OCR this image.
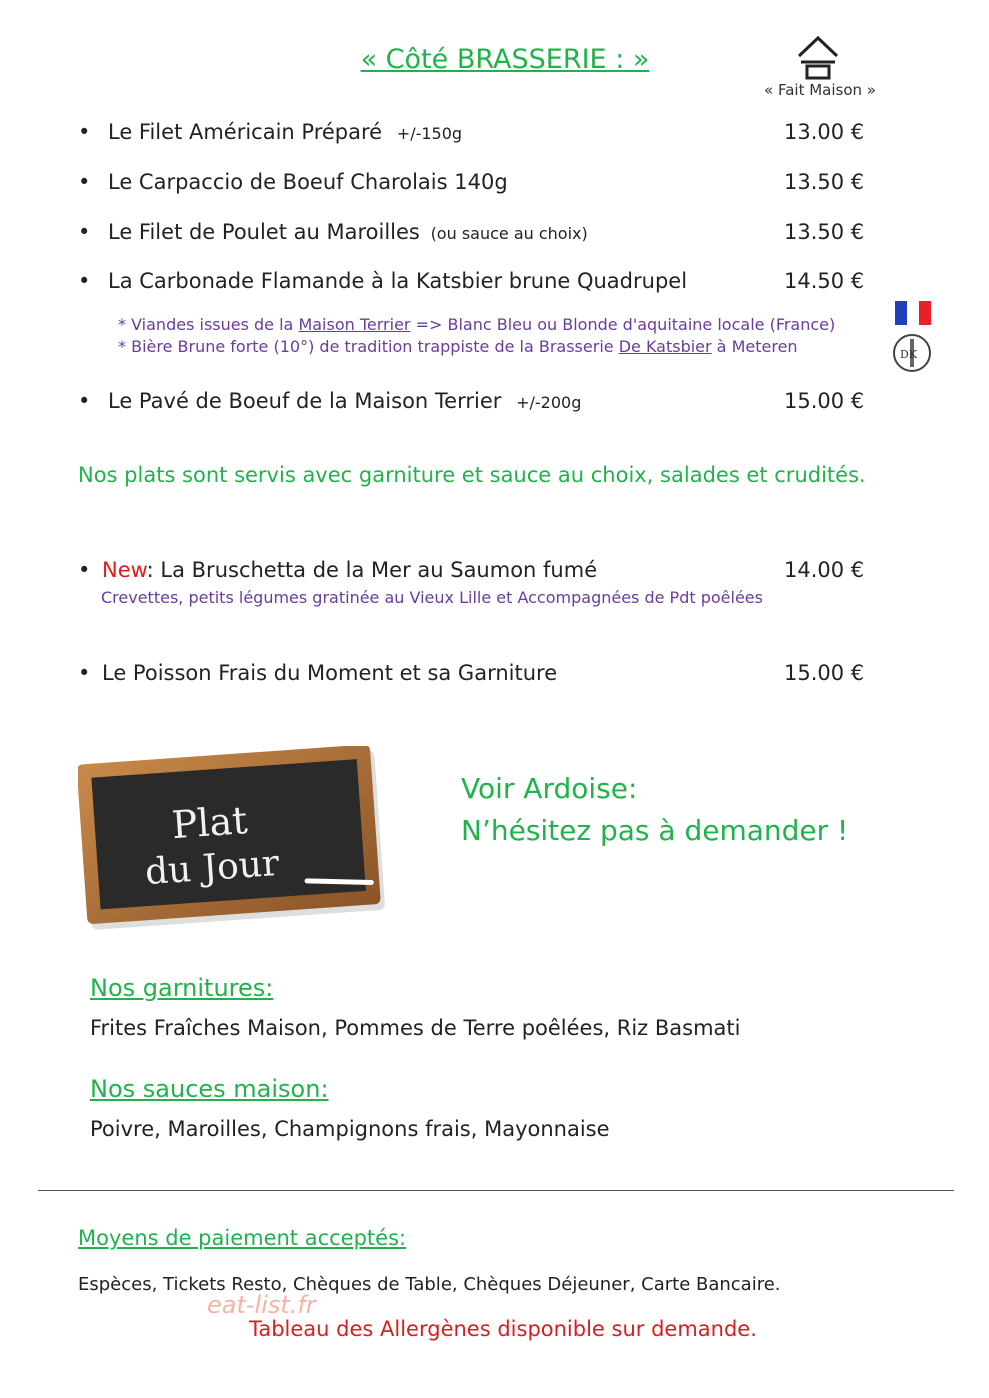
« Côté BRASSERIE : »
« Fait Maison »
• Le Filet Américain Préparé +/-150g	13.00 €
• Le Carpaccio de Boeuf Charolais 140g	13.50 €
• Le Filet de Poulet au Maroilles (ou sauce au choix)	13.50 €
• La Carbonade Flamande à la Katsbier brune Quadrupel	14.50 €
* Viandes issues de la Maison Terrier => Blanc Bleu ou Blonde d'aquitaine locale (France)
* Bière Brune forte (10°) de tradition trappiste de la Brasserie De Katsbier à Meteren	DK
• Le Pavé de Boeuf de la Maison Terrier +/-200g	15.00 €
Nos plats sont servis avec garniture et sauce au choix, salades et crudités.
• New: La Bruschetta de la Mer au Saumon fumé	14.00 €
Crevettes, petits légumes gratinée au Vieux Lille et Accompagnées de Pdt poêlées
• Le Poisson Frais du Moment et sa Garniture	15.00 €
Plat
du Jour
Voir Ardoise:
N’hésitez pas à demander !
Nos garnitures:
Frites Fraîches Maison, Pommes de Terre poêlées, Riz Basmati
Nos sauces maison:
Poivre, Maroilles, Champignons frais, Mayonnaise
Moyens de paiement acceptés:
Espèces, Tickets Resto, Chèques de Table, Chèques Déjeuner, Carte Bancaire.
eat-list.fr
Tableau des Allergènes disponible sur demande.
